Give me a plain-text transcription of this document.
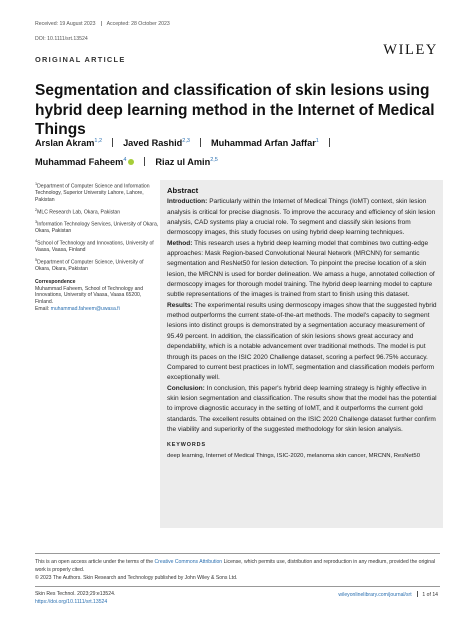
Received: 19 August 2023 Accepted: 28 October 2023
DOI: 10.1111/srt.13524
WILEY
ORIGINAL ARTICLE
Segmentation and classification of skin lesions using hybrid deep learning method in the Internet of Medical Things
Arslan Akram$^{1,2}$ Javed Rashid$^{2,3}$ Muhammad Arfan Jaffar$^1$
Muhammad Faheem$^4$	Riaz ul Amin$^{2,5}$
$^1$Department of Computer Science and Information Technology, Superior University Lahore, Lahore, Pakistan
$^2$MLC Research Lab, Okara, Pakistan
$^3$Information Technology Services, University of Okara, Okara, Pakistan
$^4$School of Technology and Innovations, University of Vaasa, Vaasa, Finland
$^5$Department of Computer Science, University of Okara, Okara, Pakistan
Correspondence
Muhammad Faheem, School of Technology and Innovations, University of Vaasa, Vaasa 65200, Finland.
Email: muhammad.faheem@uwasa.fi
Abstract

Introduction: Particularly within the Internet of Medical Things (IoMT) context, skin lesion analysis is critical for precise diagnosis. To improve the accuracy and efficiency of skin lesion analysis, CAD systems play a crucial role. To segment and classify skin lesions from dermoscopy images, this study focuses on using hybrid deep learning techniques.

Method: This research uses a hybrid deep learning model that combines two cutting-edge approaches: Mask Region-based Convolutional Neural Network (MRCNN) for semantic segmentation and ResNet50 for lesion detection. To pinpoint the precise location of a skin lesion, the MRCNN is used for border delineation. We amass a huge, annotated collection of dermoscopy images for thorough model training. The hybrid deep learning model to capture subtle representations of the images is trained from start to finish using this dataset.

Results: The experimental results using dermoscopy images show that the suggested hybrid method outperforms the current state-of-the-art methods. The model's capacity to segment lesions into distinct groups is demonstrated by a segmentation accuracy measurement of 95.49 percent. In addition, the classification of skin lesions shows great accuracy and dependability, which is a notable advancement over traditional methods. The model is put through its paces on the ISIC 2020 Challenge dataset, scoring a perfect 96.75% accuracy. Compared to current best practices in IoMT, segmentation and classification models perform exceptionally well.

Conclusion: In conclusion, this paper's hybrid deep learning strategy is highly effective in skin lesion segmentation and classification. The results show that the model has the potential to improve diagnostic accuracy in the setting of IoMT, and it outperforms the current gold standards. The excellent results obtained on the ISIC 2020 Challenge dataset further confirm the viability and superiority of the suggested methodology for skin lesion analysis.

KEYWORDS
deep learning, Internet of Medical Things, ISIC-2020, melanoma skin cancer, MRCNN, ResNet50
This is an open access article under the terms of the Creative Commons Attribution License, which permits use, distribution and reproduction in any medium, provided the original work is properly cited.
© 2023 The Authors. Skin Research and Technology published by John Wiley & Sons Ltd.
Skin Res Technol. 2023;29:e13524.
https://doi.org/10.1111/srt.13524
wileyonlinelibrary.com/journal/srt 1 of 14
